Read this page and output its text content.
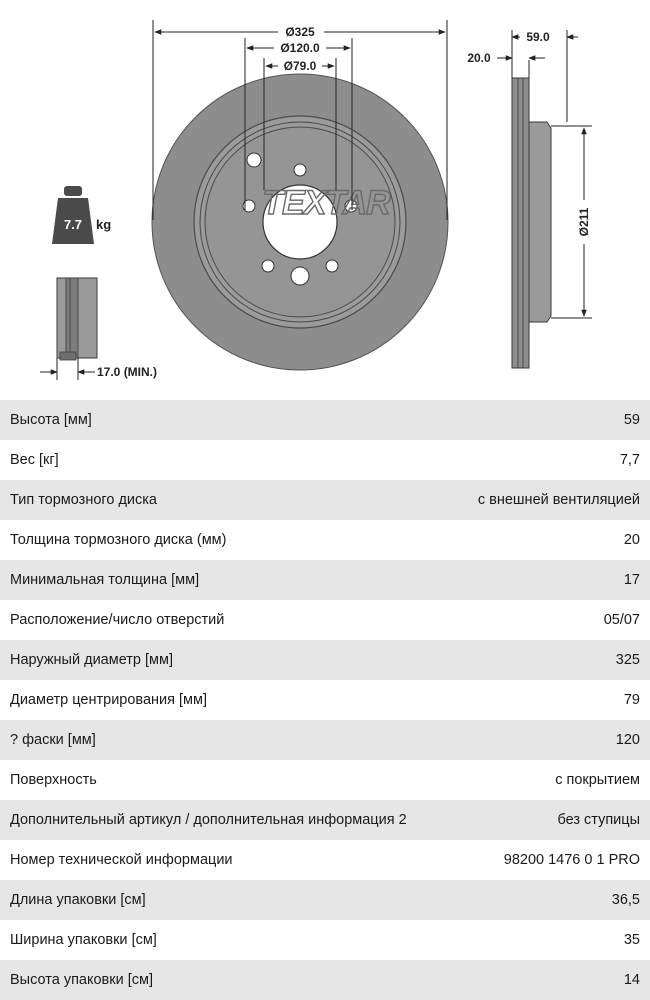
TEXTAR
Ø325
Ø120.0
Ø79.0
59.0
20.0
Ø211
7.7 kg
17.0 (MIN.)
Высота [мм]	59
Вес [кг]	7,7
Тип тормозного диска	с внешней вентиляцией
Толщина тормозного диска (мм)	20
Минимальная толщина [мм]	17
Расположение/число отверстий	05/07
Наружный диаметр [мм]	325
Диаметр центрирования [мм]	79
? фаски [мм]	120
Поверхность	с покрытием
Дополнительный артикул / дополнительная информация 2	без ступицы
Номер технической информации	98200 1476 0 1 PRO
Длина упаковки [см]	36,5
Ширина упаковки [см]	35
Высота упаковки [см]	14
